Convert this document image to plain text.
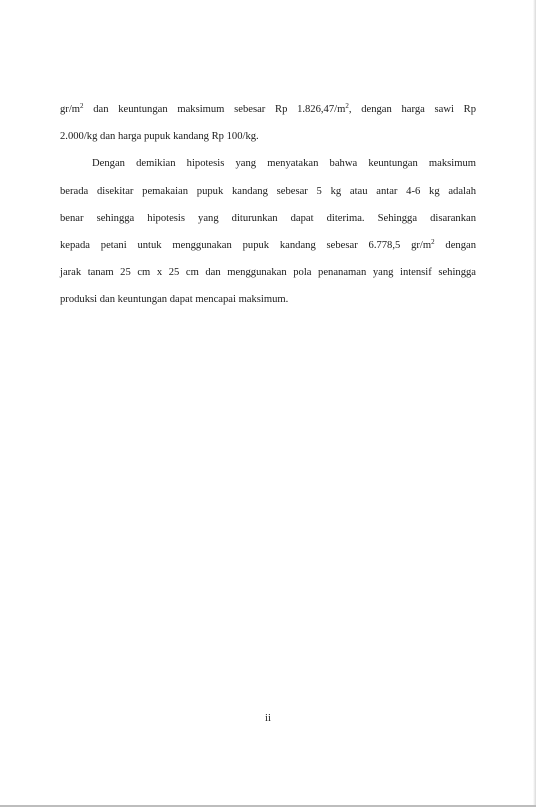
$gr/m^2$ dan keuntungan maksimum sebesar Rp $1.826,47/m^2$, dengan harga sawi Rp
2.000/kg dan harga pupuk kandang Rp 100/kg.
Dengan demikian hipotesis yang menyatakan bahwa keuntungan maksimum
berada disekitar pemakaian pupuk kandang sebesar 5 kg atau antar 4-6 kg adalah
benar sehingga hipotesis yang diturunkan dapat diterima. Sehingga disarankan
kepada petani untuk menggunakan pupuk kandang sebesar 6.778,5 $gr/m^2$ dengan
jarak tanam 25 cm x 25 cm dan menggunakan pola penanaman yang intensif sehingga
produksi dan keuntungan dapat mencapai maksimum.
ii
